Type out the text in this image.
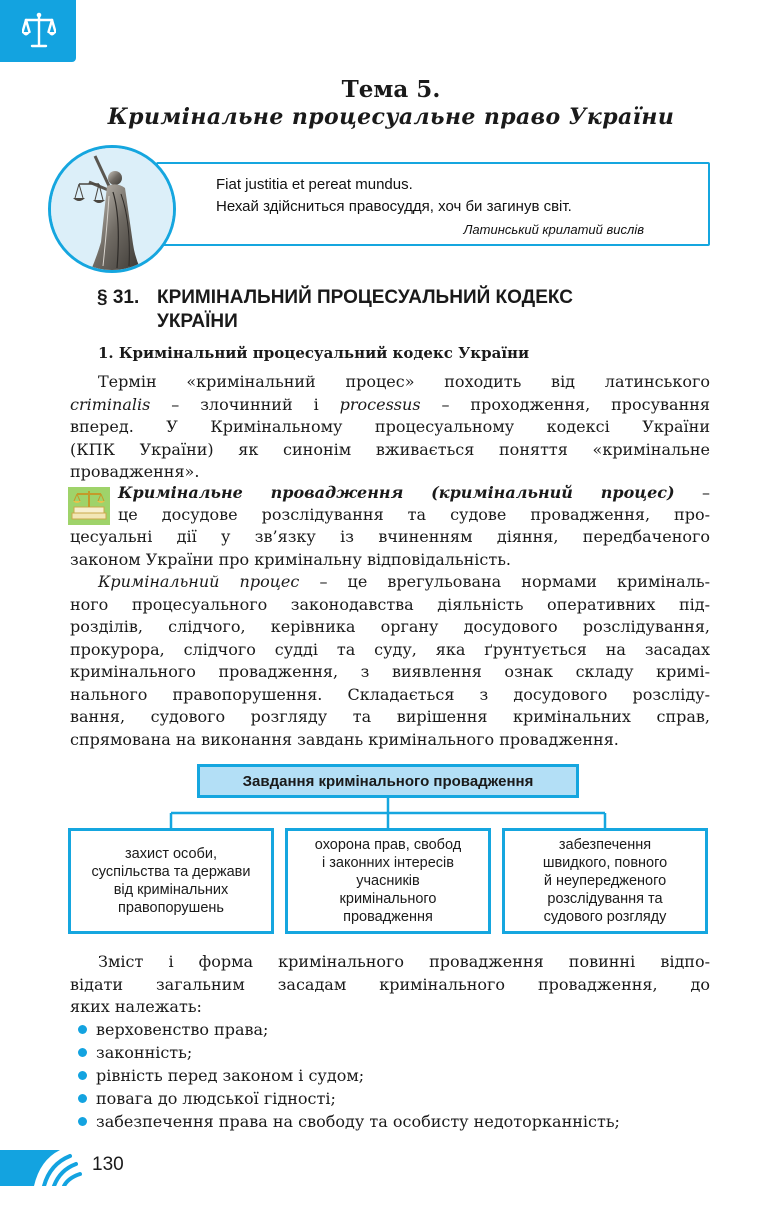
Тема 5.
Кримінальне процесуальне право України
Fiat justitia et pereat mundus.
Нехай здійсниться правосуддя, хоч би загинув світ.
Латинський крилатий вислів
§ 31. КРИМІНАЛЬНИЙ ПРОЦЕСУАЛЬНИЙ КОДЕКС
УКРАЇНИ
1. Кримінальний процесуальний кодекс України
Термін «кримінальний процес» походить від латинського
criminalis – злочинний і processus – проходження, просування
вперед. У Кримінальному процесуальному кодексі України
(КПК України) як синонім вживається поняття «кримінальне
провадження».
Кримінальне провадження (кримінальний процес) –
це досудове розслідування та судове провадження, про-
цесуальні дії у зв’язку із вчиненням діяння, передбаченого
законом України про кримінальну відповідальність.
Кримінальний процес – це врегульована нормами криміналь-
ного процесуального законодавства діяльність оперативних під-
розділів, слідчого, керівника органу досудового розслідування,
прокурора, слідчого судді та суду, яка ґрунтується на засадах
кримінального провадження, з виявлення ознак складу кримі-
нального правопорушення. Складається з досудового розсліду-
вання, судового розгляду та вирішення кримінальних справ,
спрямована на виконання завдань кримінального провадження.
Завдання кримінального провадження
захист особи,
суспільства та держави
від кримінальних
правопорушень
охорона прав, свобод
і законних інтересів
учасників
кримінального
провадження
забезпечення
швидкого, повного
й неупередженого
розслідування та
судового розгляду
Зміст і форма кримінального провадження повинні відпо-
відати загальним засадам кримінального провадження, до
яких належать:
верховенство права;
законність;
рівність перед законом і судом;
повага до людської гідності;
забезпечення права на свободу та особисту недоторканність;
130
